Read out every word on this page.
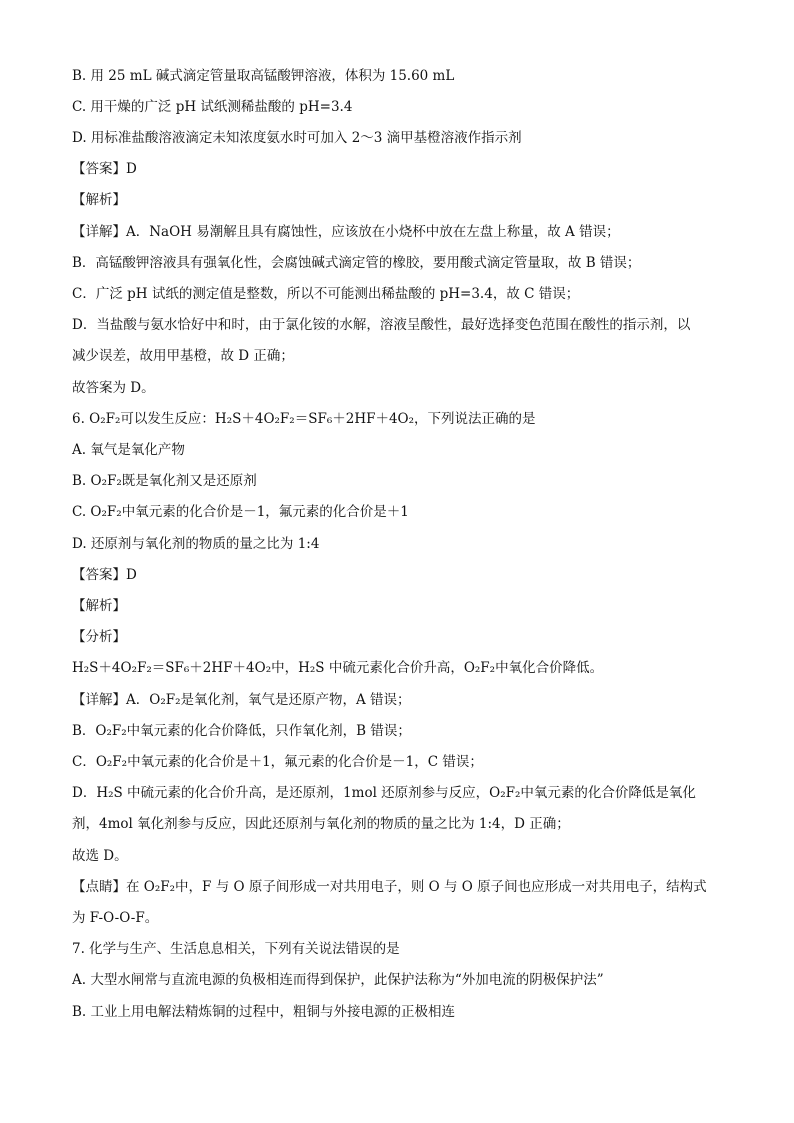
B. 用 25 mL 碱式滴定管量取高锰酸钾溶液，体积为 15.60 mL
C. 用干燥的广泛 pH 试纸测稀盐酸的 pH=3.4
D. 用标准盐酸溶液滴定未知浓度氨水时可加入 2～3 滴甲基橙溶液作指示剂
【答案】D
【解析】
【详解】A．NaOH 易潮解且具有腐蚀性，应该放在小烧杯中放在左盘上称量，故 A 错误；
B．高锰酸钾溶液具有强氧化性，会腐蚀碱式滴定管的橡胶，要用酸式滴定管量取，故 B 错误；
C．广泛 pH 试纸的测定值是整数，所以不可能测出稀盐酸的 pH=3.4，故 C 错误；
D．当盐酸与氨水恰好中和时，由于氯化铵的水解，溶液呈酸性，最好选择变色范围在酸性的指示剂，以
减少误差，故用甲基橙，故 D 正确；
故答案为 D。
6. O₂F₂可以发生反应：H₂S＋4O₂F₂＝SF₆＋2HF＋4O₂，下列说法正确的是
A. 氧气是氧化产物
B. O₂F₂既是氧化剂又是还原剂
C. O₂F₂中氧元素的化合价是－1，氟元素的化合价是＋1
D. 还原剂与氧化剂的物质的量之比为 1:4
【答案】D
【解析】
【分析】
H₂S＋4O₂F₂＝SF₆＋2HF＋4O₂中，H₂S 中硫元素化合价升高，O₂F₂中氧化合价降低。
【详解】A．O₂F₂是氧化剂，氧气是还原产物，A 错误；
B．O₂F₂中氧元素的化合价降低，只作氧化剂，B 错误；
C．O₂F₂中氧元素的化合价是＋1，氟元素的化合价是－1，C 错误；
D．H₂S 中硫元素的化合价升高，是还原剂，1mol 还原剂参与反应，O₂F₂中氧元素的化合价降低是氧化
剂，4mol 氧化剂参与反应，因此还原剂与氧化剂的物质的量之比为 1:4，D 正确；
故选 D。
【点睛】在 O₂F₂中，F 与 O 原子间形成一对共用电子，则 O 与 O 原子间也应形成一对共用电子，结构式
为 F-O-O-F。
7. 化学与生产、生活息息相关，下列有关说法错误的是
A. 大型水闸常与直流电源的负极相连而得到保护，此保护法称为“外加电流的阴极保护法”
B. 工业上用电解法精炼铜的过程中，粗铜与外接电源的正极相连
